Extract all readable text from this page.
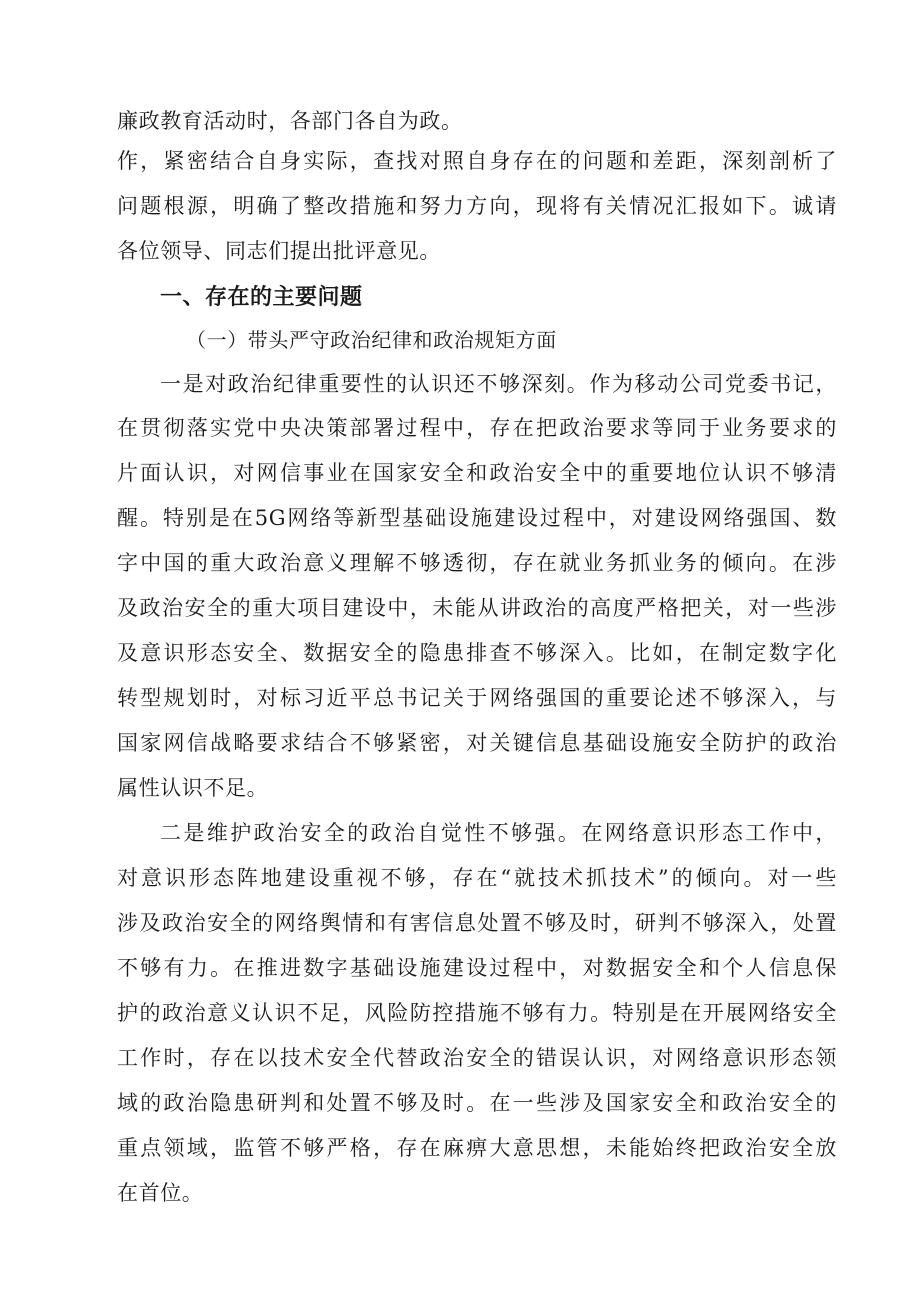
廉政教育活动时，各部门各自为政。
作，紧密结合自身实际，查找对照自身存在的问题和差距，深刻剖析了
问题根源，明确了整改措施和努力方向，现将有关情况汇报如下。诚请
各位领导、同志们提出批评意见。
一、存在的主要问题
（一）带头严守政治纪律和政治规矩方面
一是对政治纪律重要性的认识还不够深刻。作为移动公司党委书记，
在贯彻落实党中央决策部署过程中，存在把政治要求等同于业务要求的
片面认识，对网信事业在国家安全和政治安全中的重要地位认识不够清
醒。特别是在5G网络等新型基础设施建设过程中，对建设网络强国、数
字中国的重大政治意义理解不够透彻，存在就业务抓业务的倾向。在涉
及政治安全的重大项目建设中，未能从讲政治的高度严格把关，对一些涉
及意识形态安全、数据安全的隐患排查不够深入。比如，在制定数字化
转型规划时，对标习近平总书记关于网络强国的重要论述不够深入，与
国家网信战略要求结合不够紧密，对关键信息基础设施安全防护的政治
属性认识不足。
二是维护政治安全的政治自觉性不够强。在网络意识形态工作中，
对意识形态阵地建设重视不够，存在“就技术抓技术”的倾向。对一些
涉及政治安全的网络舆情和有害信息处置不够及时，研判不够深入，处置
不够有力。在推进数字基础设施建设过程中，对数据安全和个人信息保
护的政治意义认识不足，风险防控措施不够有力。特别是在开展网络安全
工作时，存在以技术安全代替政治安全的错误认识，对网络意识形态领
域的政治隐患研判和处置不够及时。在一些涉及国家安全和政治安全的
重点领域，监管不够严格，存在麻痹大意思想，未能始终把政治安全放
在首位。
